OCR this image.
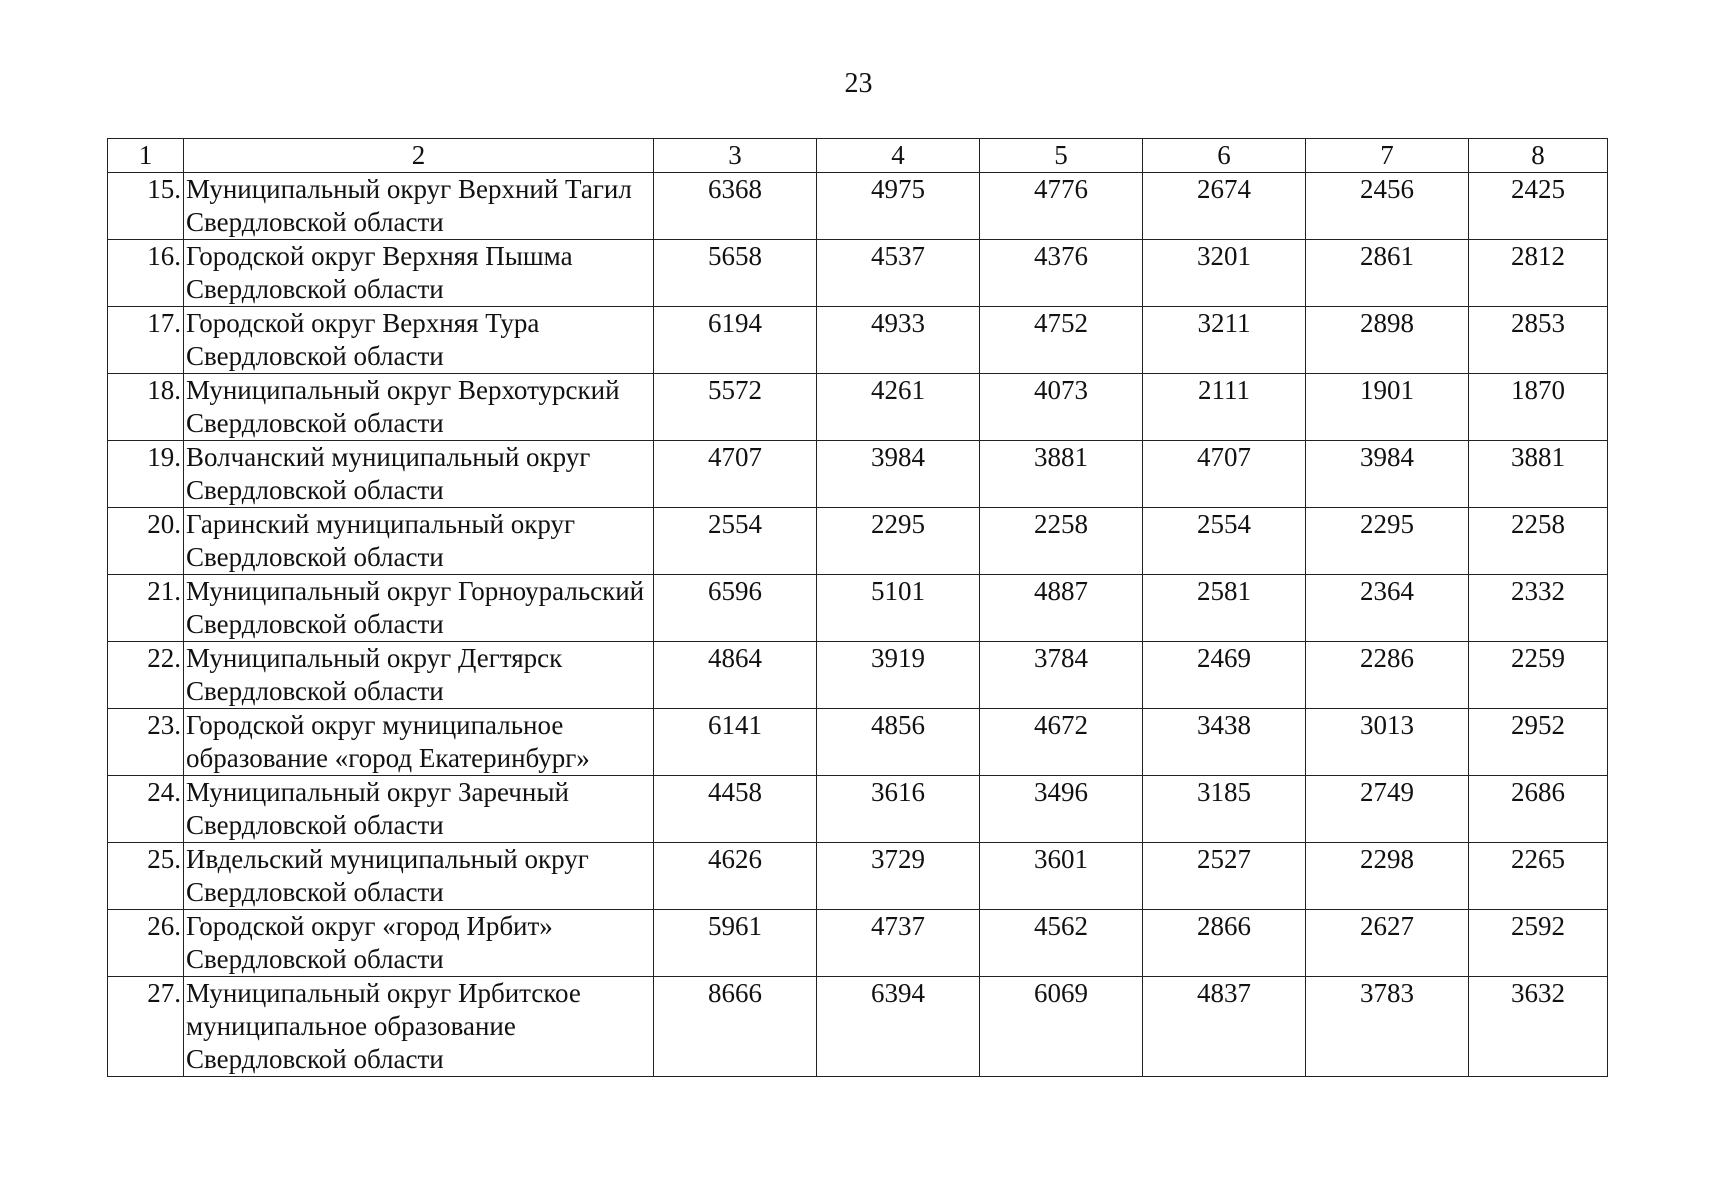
23
1	2	3	4	5	6	7	8
15.	Муниципальный округ Верхний Тагил Свердловской области	6368	4975	4776	2674	2456	2425
16.	Городской округ Верхняя Пышма Свердловской области	5658	4537	4376	3201	2861	2812
17.	Городской округ Верхняя Тура Свердловской области	6194	4933	4752	3211	2898	2853
18.	Муниципальный округ Верхотурский Свердловской области	5572	4261	4073	2111	1901	1870
19.	Волчанский муниципальный округ Свердловской области	4707	3984	3881	4707	3984	3881
20.	Гаринский муниципальный округ Свердловской области	2554	2295	2258	2554	2295	2258
21.	Муниципальный округ Горноуральский Свердловской области	6596	5101	4887	2581	2364	2332
22.	Муниципальный округ Дегтярск Свердловской области	4864	3919	3784	2469	2286	2259
23.	Городской округ муниципальное образование «город Екатеринбург»	6141	4856	4672	3438	3013	2952
24.	Муниципальный округ Заречный Свердловской области	4458	3616	3496	3185	2749	2686
25.	Ивдельский муниципальный округ Свердловской области	4626	3729	3601	2527	2298	2265
26.	Городской округ «город Ирбит» Свердловской области	5961	4737	4562	2866	2627	2592
27.	Муниципальный округ Ирбитское муниципальное образование Свердловской области	8666	6394	6069	4837	3783	3632
